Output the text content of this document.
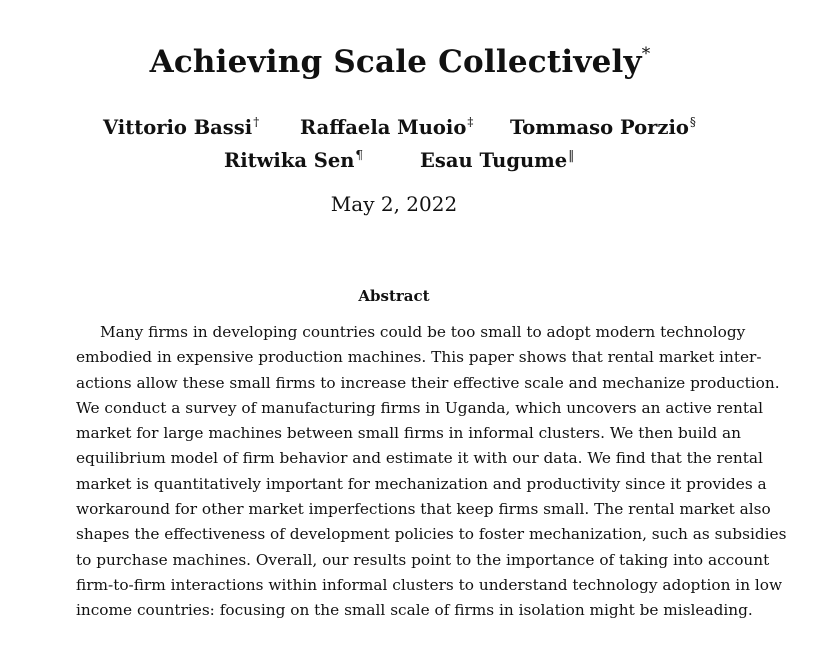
Achieving Scale Collectively*
Vittorio Bassi† Raffaela Muoio‡ Tommaso Porzio§
Ritwika Sen¶	Esau Tugume‖
May 2, 2022
Abstract
Many firms in developing countries could be too small to adopt modern technology
embodied in expensive production machines. This paper shows that rental market inter-
actions allow these small firms to increase their effective scale and mechanize production.
We conduct a survey of manufacturing firms in Uganda, which uncovers an active rental
market for large machines between small firms in informal clusters. We then build an
equilibrium model of firm behavior and estimate it with our data. We find that the rental
market is quantitatively important for mechanization and productivity since it provides a
workaround for other market imperfections that keep firms small. The rental market also
shapes the effectiveness of development policies to foster mechanization, such as subsidies
to purchase machines. Overall, our results point to the importance of taking into account
firm-to-firm interactions within informal clusters to understand technology adoption in low
income countries: focusing on the small scale of firms in isolation might be misleading.
